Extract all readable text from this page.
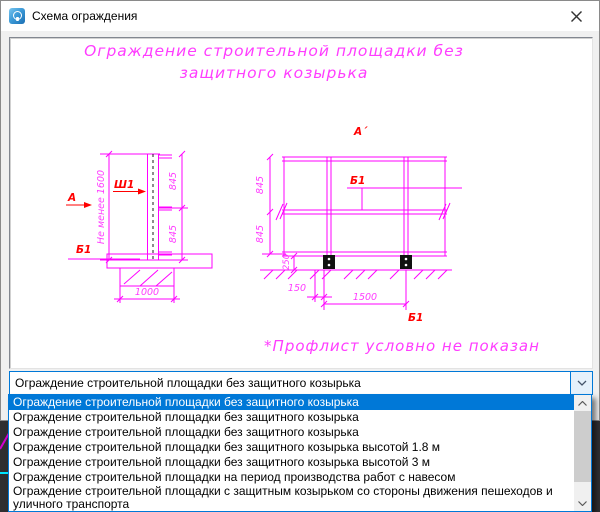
Схема ограждения
Ограждение строительной площадки без
защитного козырька
*Профлист условно не показан
А´
Не менее 1600	845
845
1000
Ш1
А
Б1
845
845
250
150
1500
Б1
Б1
Ограждение строительной площадки без защитного козырька
Ограждение строительной площадки без защитного козырька
Ограждение строительной площадки без защитного козырька
Ограждение строительной площадки без защитного козырька
Ограждение строительной площадки без защитного козырька высотой 1.8 м
Ограждение строительной площадки без защитного козырька высотой 3 м
Ограждение строительной площадки на период производства работ с навесом
Ограждение строительной площадки с защитным козырьком со стороны движения пешеходов и уличного транспорта
